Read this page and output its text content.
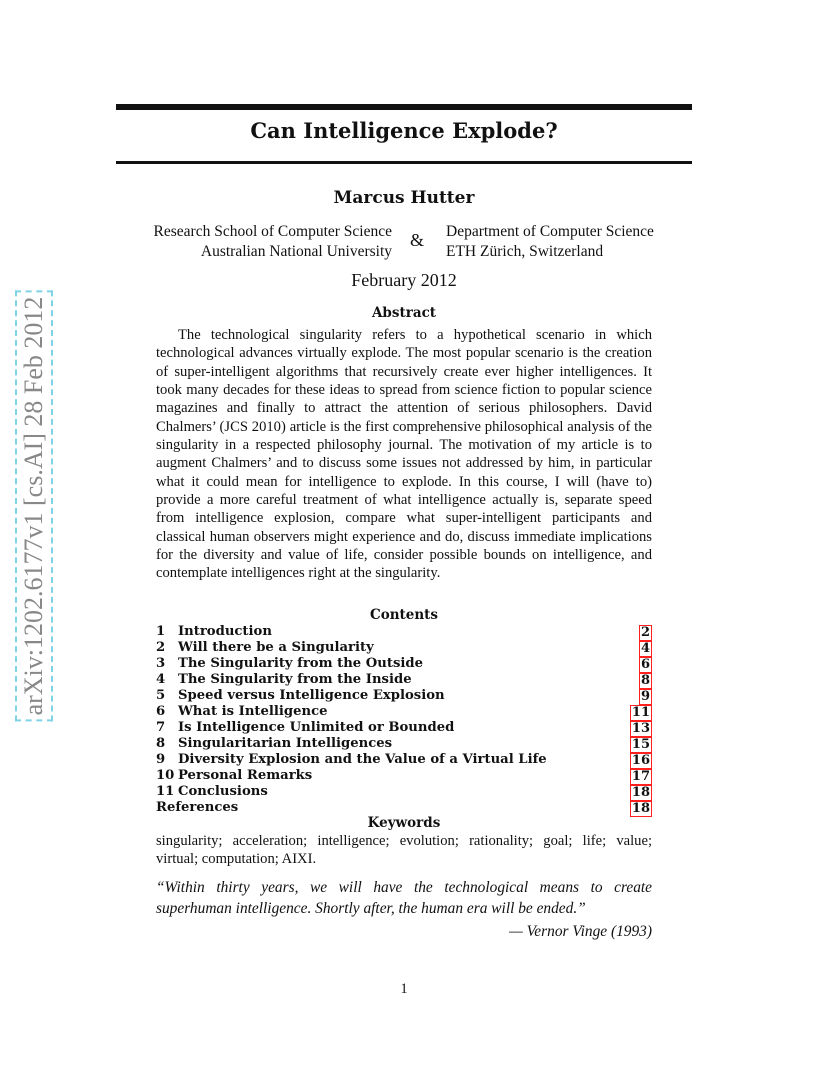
arXiv:1202.6177v1 [cs.AI] 28 Feb 2012
Can Intelligence Explode?
Marcus Hutter
Research School of Computer Science
Australian National University
& Department of Computer Science
ETH Zürich, Switzerland
February 2012
Abstract
The technological singularity refers to a hypothetical scenario in which technological advances virtually explode. The most popular scenario is the creation of super-intelligent algorithms that recursively create ever higher intelligences. It took many decades for these ideas to spread from science fiction to popular science magazines and finally to attract the attention of serious philosophers. David Chalmers’ (JCS 2010) article is the first comprehensive philosophical analysis of the singularity in a respected philosophy journal. The motivation of my article is to augment Chalmers’ and to discuss some issues not addressed by him, in particular what it could mean for intelligence to explode. In this course, I will (have to) provide a more careful treatment of what intelligence actually is, separate speed from intelligence explosion, compare what super-intelligent participants and classical human observers might experience and do, discuss immediate implications for the diversity and value of life, consider possible bounds on intelligence, and contemplate intelligences right at the singularity.
Contents
1 Introduction	2
2 Will there be a Singularity	4
3 The Singularity from the Outside	6
4 The Singularity from the Inside	8
5 Speed versus Intelligence Explosion	9
6 What is Intelligence	11
7 Is Intelligence Unlimited or Bounded	13
8 Singularitarian Intelligences	15
9 Diversity Explosion and the Value of a Virtual Life	16
10 Personal Remarks	17
11 Conclusions	18
References	18
Keywords
singularity; acceleration; intelligence; evolution; rationality; goal; life; value; virtual; computation; AIXI.
“Within thirty years, we will have the technological means to create superhuman intelligence. Shortly after, the human era will be ended.”
— Vernor Vinge (1993)
1
